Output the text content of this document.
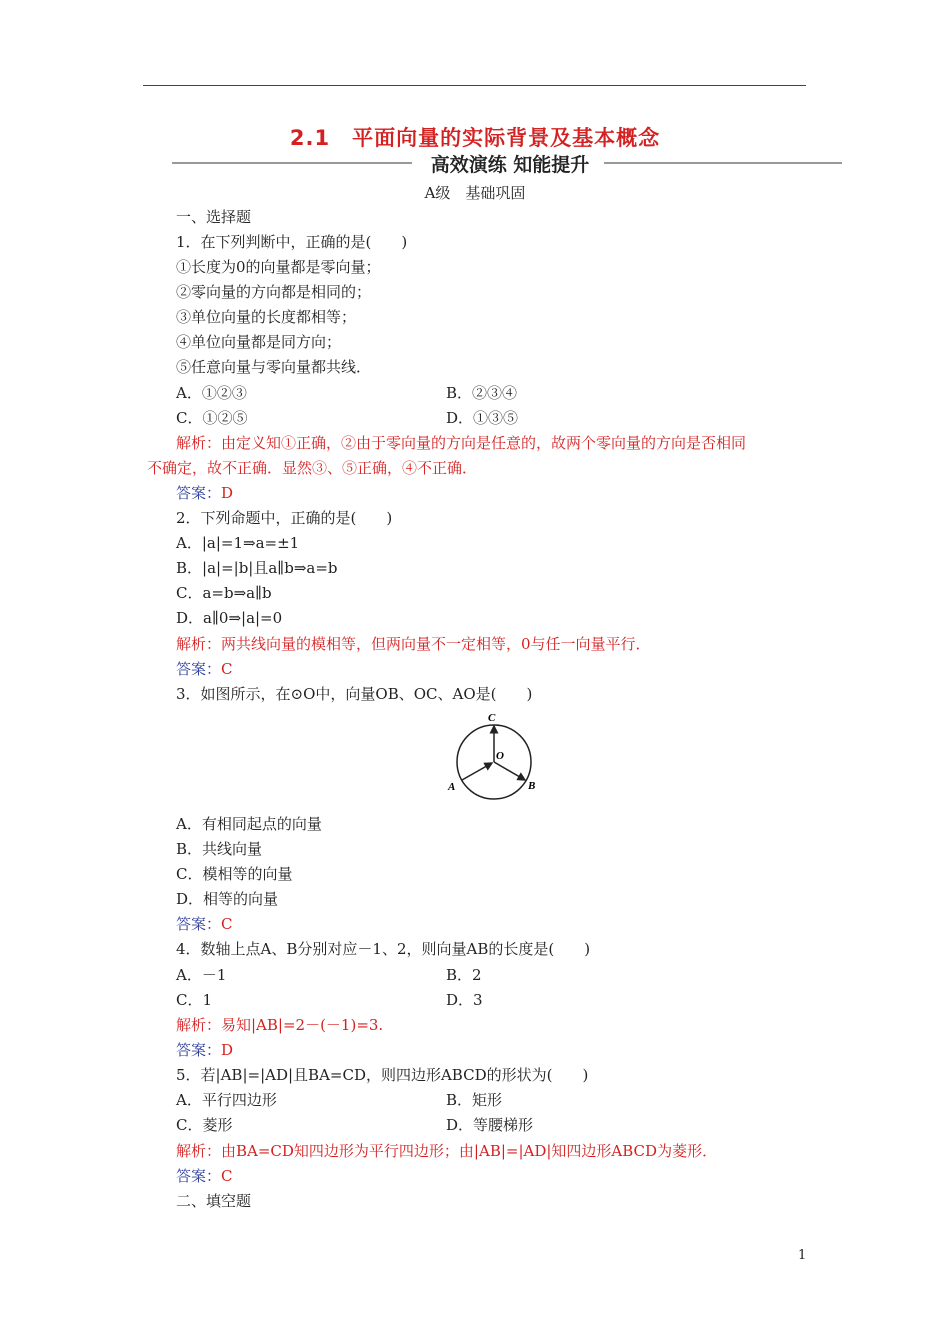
2.1　平面向量的实际背景及基本概念
高效演练 知能提升
A级　基础巩固
一、选择题
1．在下列判断中，正确的是(　　)
①长度为0的向量都是零向量；
②零向量的方向都是相同的；
③单位向量的长度都相等；
④单位向量都是同方向；
⑤任意向量与零向量都共线．
A．①②③	B．②③④
C．①②⑤	D．①③⑤
解析：由定义知①正确，②由于零向量的方向是任意的，故两个零向量的方向是否相同
不确定，故不正确．显然③、⑤正确，④不正确．
答案：D
2．下列命题中，正确的是(　　)
A．|a|=1⇒a=±1
B．|a|=|b|且a∥b⇒a=b
C．a=b⇒a∥b
D．a∥0⇒|a|=0
解析：两共线向量的模相等，但两向量不一定相等，0与任一向量平行．
答案：C
3．如图所示，在⊙O中，向量OB、OC、AO是(　　)
C
O
A	B
A．有相同起点的向量
B．共线向量
C．模相等的向量
D．相等的向量
答案：C
4．数轴上点A、B分别对应－1、2，则向量AB的长度是(　　)
A．－1	B．2
C．1	D．3
解析：易知|AB|=2－(－1)=3.
答案：D
5．若|AB|=|AD|且BA=CD，则四边形ABCD的形状为(　　)
A．平行四边形	B．矩形
C．菱形	D．等腰梯形
解析：由BA=CD知四边形为平行四边形；由|AB|=|AD|知四边形ABCD为菱形．
答案：C
二、填空题
1
